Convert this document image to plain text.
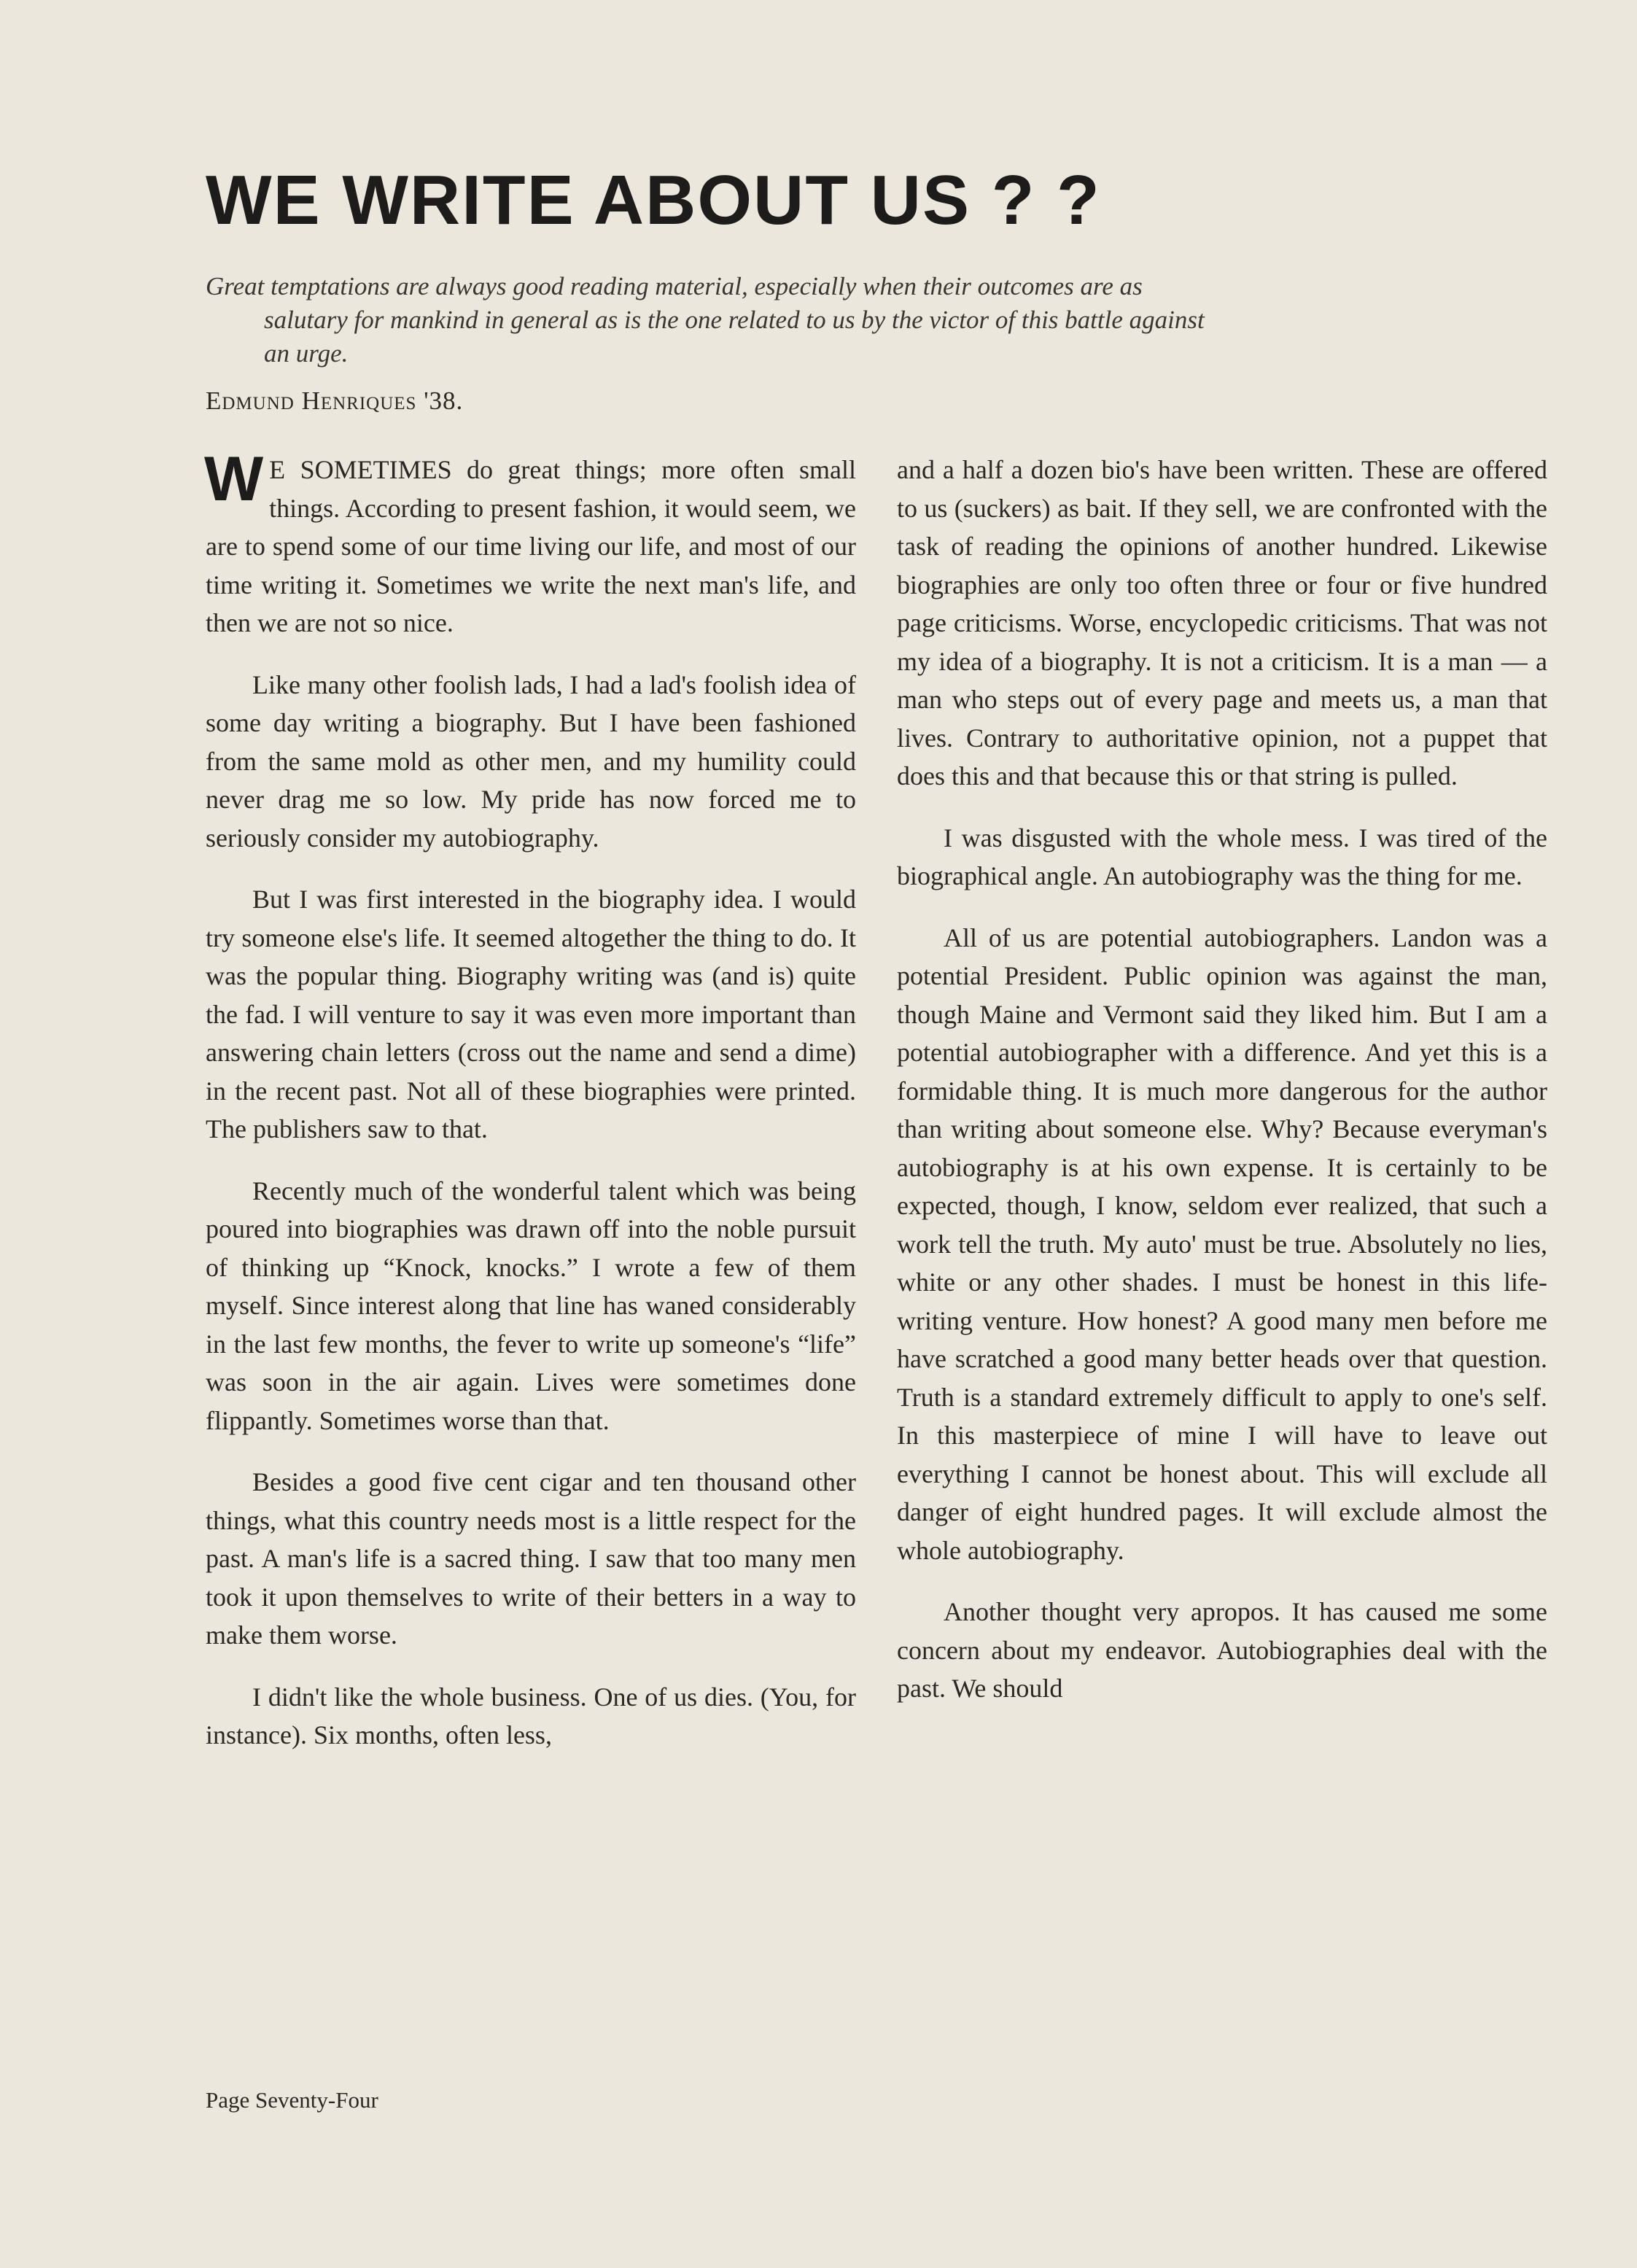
WE WRITE ABOUT US ? ?

Great temptations are always good reading material, especially when their outcomes are as salutary for mankind in general as is the one related to us by the victor of this battle against an urge.

Edmund Henriques '38.

W E SOMETIMES do great things; more often small things. According to present fashion, it would seem, we are to spend some of our time living our life, and most of our time writing it. Sometimes we write the next man's life, and then we are not so nice.

Like many other foolish lads, I had a lad's foolish idea of some day writing a biography. But I have been fashioned from the same mold as other men, and my humility could never drag me so low. My pride has now forced me to seriously consider my autobiography.

But I was first interested in the biography idea. I would try someone else's life. It seemed altogether the thing to do. It was the popular thing. Biography writing was (and is) quite the fad. I will venture to say it was even more important than answering chain letters (cross out the name and send a dime) in the recent past. Not all of these biographies were printed. The publishers saw to that.

Recently much of the wonderful talent which was being poured into biographies was drawn off into the noble pursuit of thinking up “Knock, knocks.” I wrote a few of them myself. Since interest along that line has waned considerably in the last few months, the fever to write up someone's “life” was soon in the air again. Lives were sometimes done flippantly. Sometimes worse than that.

Besides a good five cent cigar and ten thousand other things, what this country needs most is a little respect for the past. A man's life is a sacred thing. I saw that too many men took it upon themselves to write of their betters in a way to make them worse.

I didn't like the whole business. One of us dies. (You, for instance). Six months, often less,

and a half a dozen bio's have been written. These are offered to us (suckers) as bait. If they sell, we are confronted with the task of reading the opinions of another hundred. Likewise biographies are only too often three or four or five hundred page criticisms. Worse, encyclopedic criticisms. That was not my idea of a biography. It is not a criticism. It is a man — a man who steps out of every page and meets us, a man that lives. Contrary to authoritative opinion, not a puppet that does this and that because this or that string is pulled.

I was disgusted with the whole mess. I was tired of the biographical angle. An autobiography was the thing for me.

All of us are potential autobiographers. Landon was a potential President. Public opinion was against the man, though Maine and Vermont said they liked him. But I am a potential autobiographer with a difference. And yet this is a formidable thing. It is much more dangerous for the author than writing about someone else. Why? Because everyman's autobiography is at his own expense. It is certainly to be expected, though, I know, seldom ever realized, that such a work tell the truth. My auto' must be true. Absolutely no lies, white or any other shades. I must be honest in this life-writing venture. How honest? A good many men before me have scratched a good many better heads over that question. Truth is a standard extremely difficult to apply to one's self. In this masterpiece of mine I will have to leave out everything I cannot be honest about. This will exclude all danger of eight hundred pages. It will exclude almost the whole autobiography.

Another thought very apropos. It has caused me some concern about my endeavor. Autobiographies deal with the past. We should

Page Seventy-Four
